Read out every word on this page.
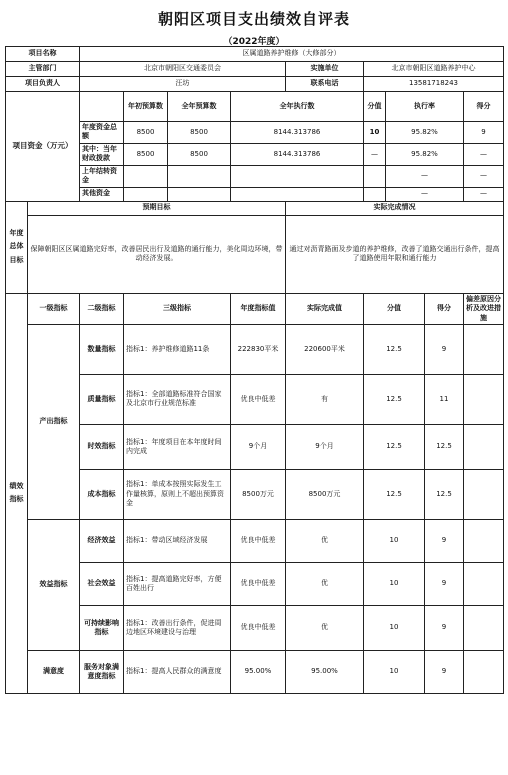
朝阳区项目支出绩效自评表
（2022年度）
项目名称		区属道路养护维修（大修部分）								
主管部门		北京市朝阳区交通委员会				实施单位	北京市朝阳区道路养护中心			
项目负责人		汪坊				联系电话	13581718243			
项目资金（万元）			年初预算数	全年预算数	全年执行数		分值	执行率		得分
		年度资金总额	8500	8500	8144.313786		10	95.82%		9
		其中：当年财政拨款	8500	8500	8144.313786		—	95.82%		—
		上年结转资金						—		—
		其他资金						—		—
年度总体目标	预期目标					实际完成情况				
	保障朝阳区区属道路完好率，改善居民出行及道路的通行能力，美化周边环境，带动经济发展。					通过对沥青路面及步道的养护维修，改善了道路交通出行条件，提高了道路使用年限和通行能力				
绩效指标	一级指标	二级指标	三级指标		年度指标值	实际完成值	分值		得分	偏差原因分析及改进措施

	产出指标	数量指标	指标1：养护维修道路11条		222830平米	220600平米	12.5		9	
		质量指标	指标1：全部道路标准符合国家及北京市行业规范标准		优良中低差	有	12.5		11	
		时效指标	指标1：年度项目在本年度时间内完成		9个月	9个月	12.5		12.5	
		成本指标	指标1：单成本按照实际发生工作量核算，原则上不超出预算资金		8500万元	8500万元	12.5		12.5	
	效益指标	经济效益	指标1：带动区域经济发展		优良中低差	优	10		9	
		社会效益	指标1：提高道路完好率，方便百姓出行		优良中低差	优	10		9	
		可持续影响指标	指标1：改善出行条件，促进周边地区环境建设与治理		优良中低差	优	10		9	
	满意度	服务对象满意度指标	指标1：提高人民群众的满意度		95.00%	95.00%	10		9	
